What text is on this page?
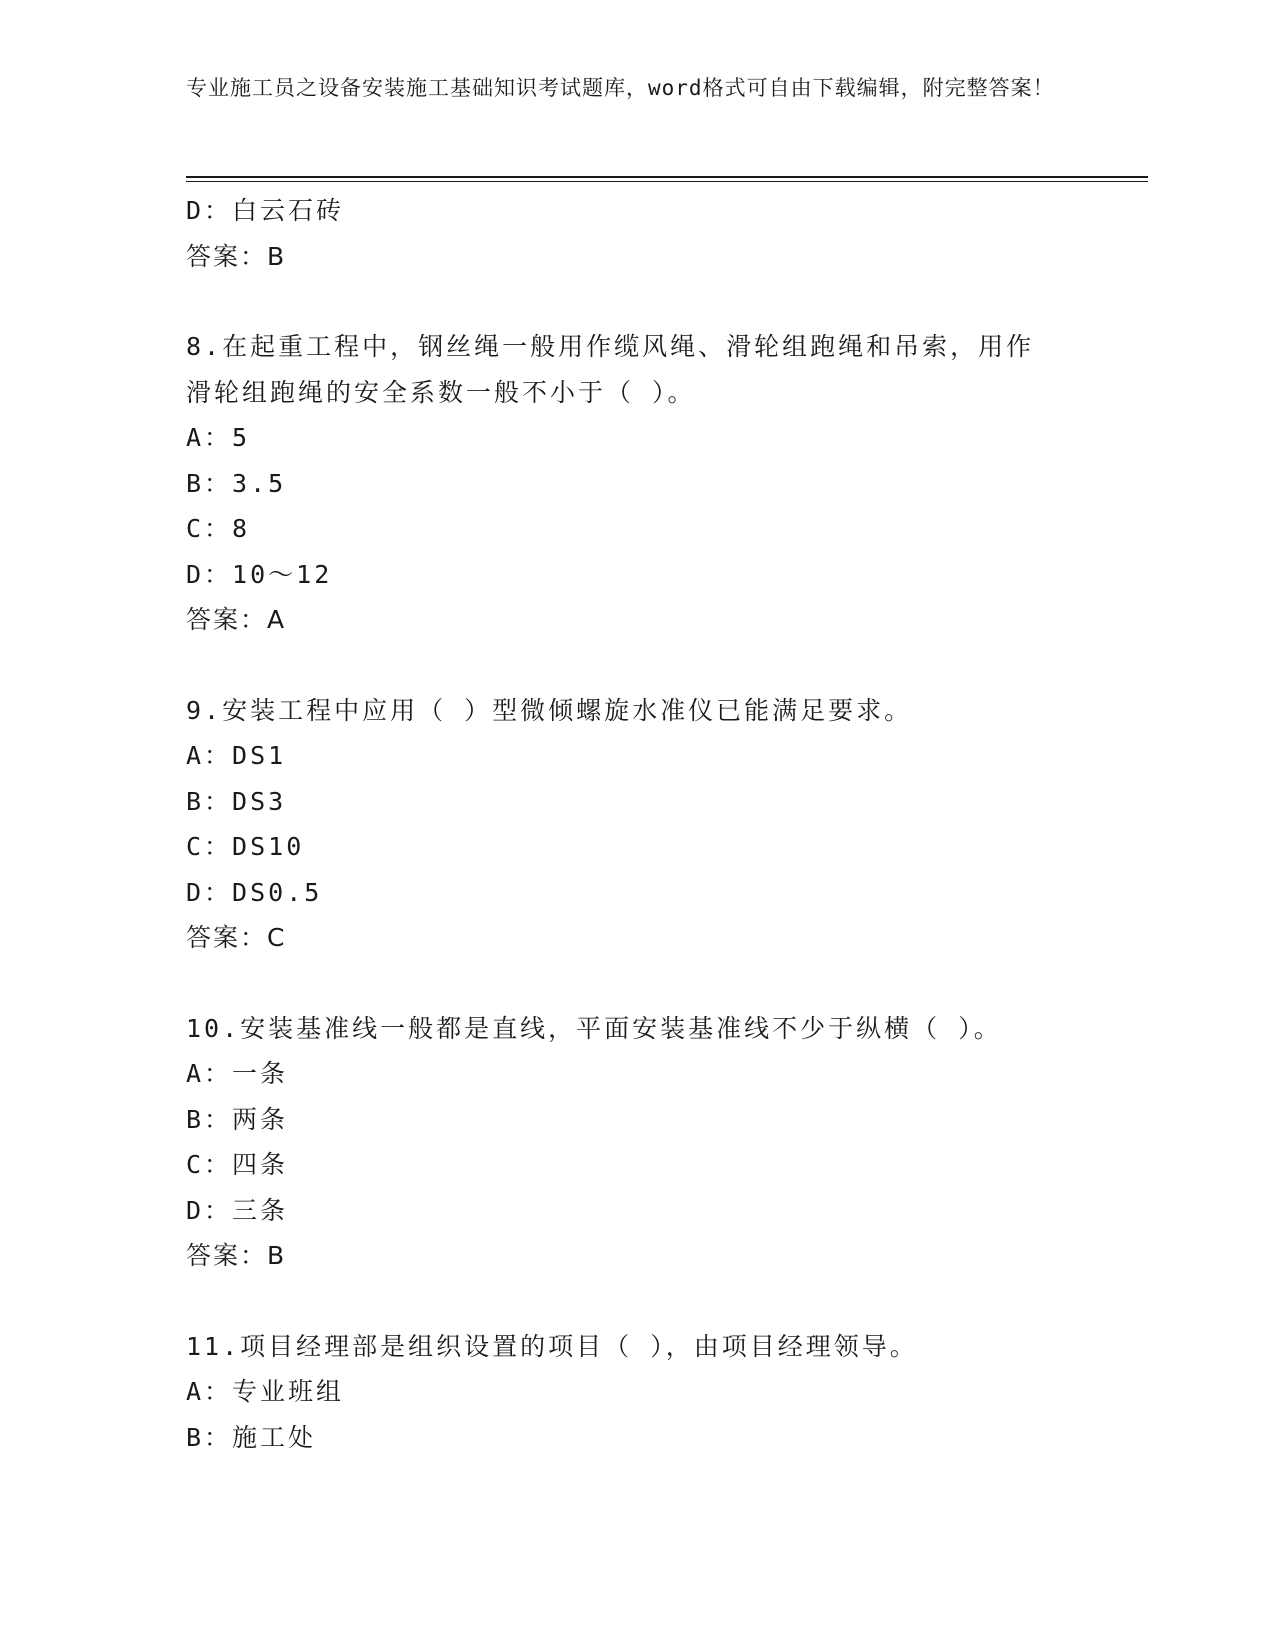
专业施工员之设备安装施工基础知识考试题库，word格式可自由下载编辑，附完整答案！
D：白云石砖
答案：B
8.在起重工程中，钢丝绳一般用作缆风绳、滑轮组跑绳和吊索，用作
滑轮组跑绳的安全系数一般不小于（ ）。
A：5
B：3.5
C：8
D：10～12
答案：A
9.安装工程中应用（ ）型微倾螺旋水准仪已能满足要求。
A：DS1
B：DS3
C：DS10
D：DS0.5
答案：C
10.安装基准线一般都是直线，平面安装基准线不少于纵横（ ）。
A：一条
B：两条
C：四条
D：三条
答案：B
11.项目经理部是组织设置的项目（ ），由项目经理领导。
A：专业班组
B：施工处
